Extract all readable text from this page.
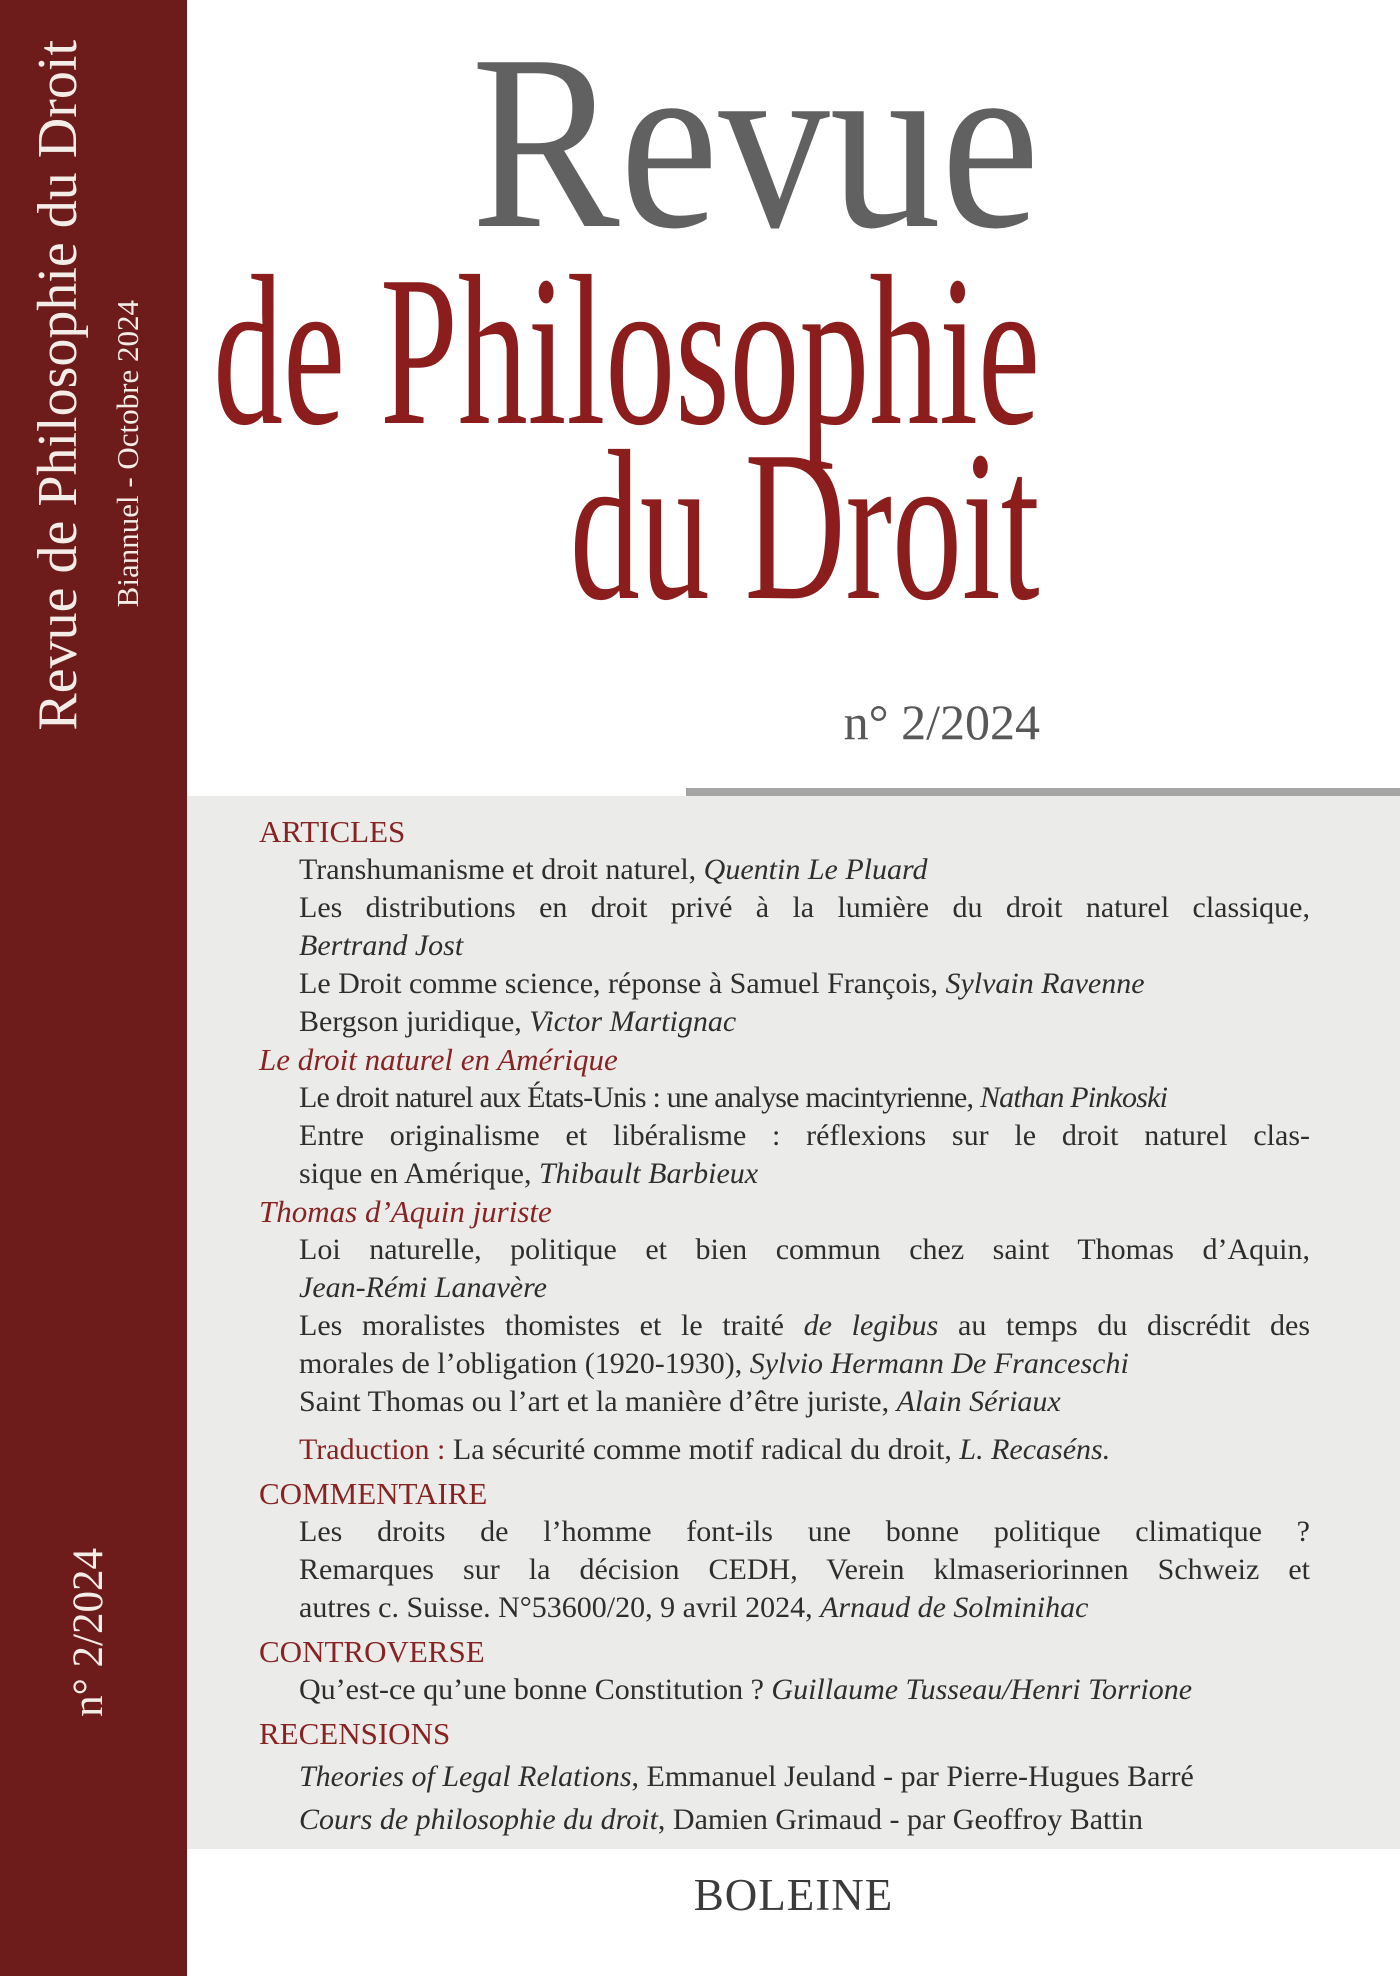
Revue de Philosophie du Droit Biannuel - Octobre 2024
n° 2/2024
Revue
de Philosophie
du Droit
n° 2/2024
ARTICLES
Transhumanisme et droit naturel, Quentin Le Pluard
Les distributions en droit privé à la lumière du droit naturel classique,
Bertrand Jost
Le Droit comme science, réponse à Samuel François, Sylvain Ravenne
Bergson juridique, Victor Martignac
Le droit naturel en Amérique
Le droit naturel aux États-Unis : une analyse macintyrienne, Nathan Pinkoski
Entre originalisme et libéralisme : réflexions sur le droit naturel clas-
sique en Amérique, Thibault Barbieux
Thomas d’Aquin juriste
Loi naturelle, politique et bien commun chez saint Thomas d’Aquin,
Jean-Rémi Lanavère
Les moralistes thomistes et le traité de legibus au temps du discrédit des
morales de l’obligation (1920-1930), Sylvio Hermann De Franceschi
Saint Thomas ou l’art et la manière d’être juriste, Alain Sériaux
Traduction : La sécurité comme motif radical du droit, L. Recaséns.
COMMENTAIRE
Les droits de l’homme font-ils une bonne politique climatique ?
Remarques sur la décision CEDH, Verein klmaseriorinnen Schweiz et
autres c. Suisse. N°53600/20, 9 avril 2024, Arnaud de Solminihac
CONTROVERSE
Qu’est-ce qu’une bonne Constitution ? Guillaume Tusseau/Henri Torrione
RECENSIONS
Theories of Legal Relations, Emmanuel Jeuland - par Pierre-Hugues Barré
Cours de philosophie du droit, Damien Grimaud - par Geoffroy Battin
BOLEINE
